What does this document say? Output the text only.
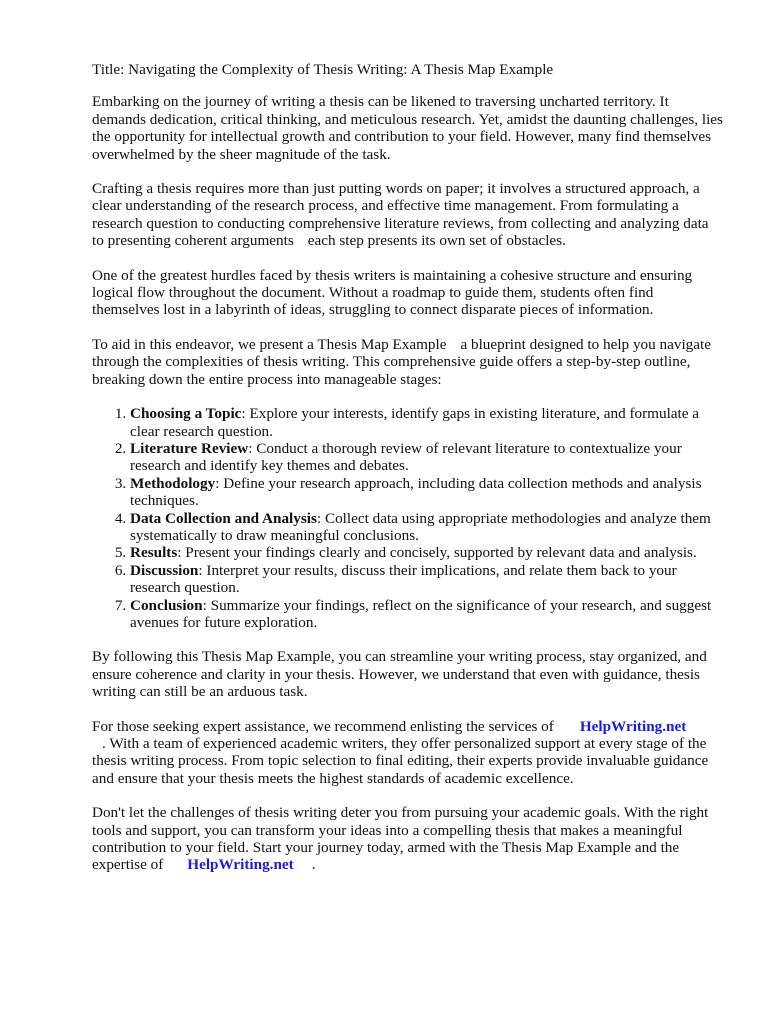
Title: Navigating the Complexity of Thesis Writing: A Thesis Map Example

Embarking on the journey of writing a thesis can be likened to traversing uncharted territory. It demands dedication, critical thinking, and meticulous research. Yet, amidst the daunting challenges, lies the opportunity for intellectual growth and contribution to your field. However, many find themselves overwhelmed by the sheer magnitude of the task.

Crafting a thesis requires more than just putting words on paper; it involves a structured approach, a clear understanding of the research process, and effective time management. From formulating a research question to conducting comprehensive literature reviews, from collecting and analyzing data to presenting coherent arguments each step presents its own set of obstacles.

One of the greatest hurdles faced by thesis writers is maintaining a cohesive structure and ensuring logical flow throughout the document. Without a roadmap to guide them, students often find themselves lost in a labyrinth of ideas, struggling to connect disparate pieces of information.

To aid in this endeavor, we present a Thesis Map Example a blueprint designed to help you navigate through the complexities of thesis writing. This comprehensive guide offers a step-by-step outline, breaking down the entire process into manageable stages:

1. Choosing a Topic: Explore your interests, identify gaps in existing literature, and formulate a clear research question.
2. Literature Review: Conduct a thorough review of relevant literature to contextualize your research and identify key themes and debates.
3. Methodology: Define your research approach, including data collection methods and analysis techniques.
4. Data Collection and Analysis: Collect data using appropriate methodologies and analyze them systematically to draw meaningful conclusions.
5. Results: Present your findings clearly and concisely, supported by relevant data and analysis.
6. Discussion: Interpret your results, discuss their implications, and relate them back to your research question.
7. Conclusion: Summarize your findings, reflect on the significance of your research, and suggest avenues for future exploration.

By following this Thesis Map Example, you can streamline your writing process, stay organized, and ensure coherence and clarity in your thesis. However, we understand that even with guidance, thesis writing can still be an arduous task.

For those seeking expert assistance, we recommend enlisting the services of HelpWriting.net
. With a team of experienced academic writers, they offer personalized support at every stage of the thesis writing process. From topic selection to final editing, their experts provide invaluable guidance and ensure that your thesis meets the highest standards of academic excellence.

Don't let the challenges of thesis writing deter you from pursuing your academic goals. With the right tools and support, you can transform your ideas into a compelling thesis that makes a meaningful contribution to your field. Start your journey today, armed with the Thesis Map Example and the expertise of HelpWriting.net .
